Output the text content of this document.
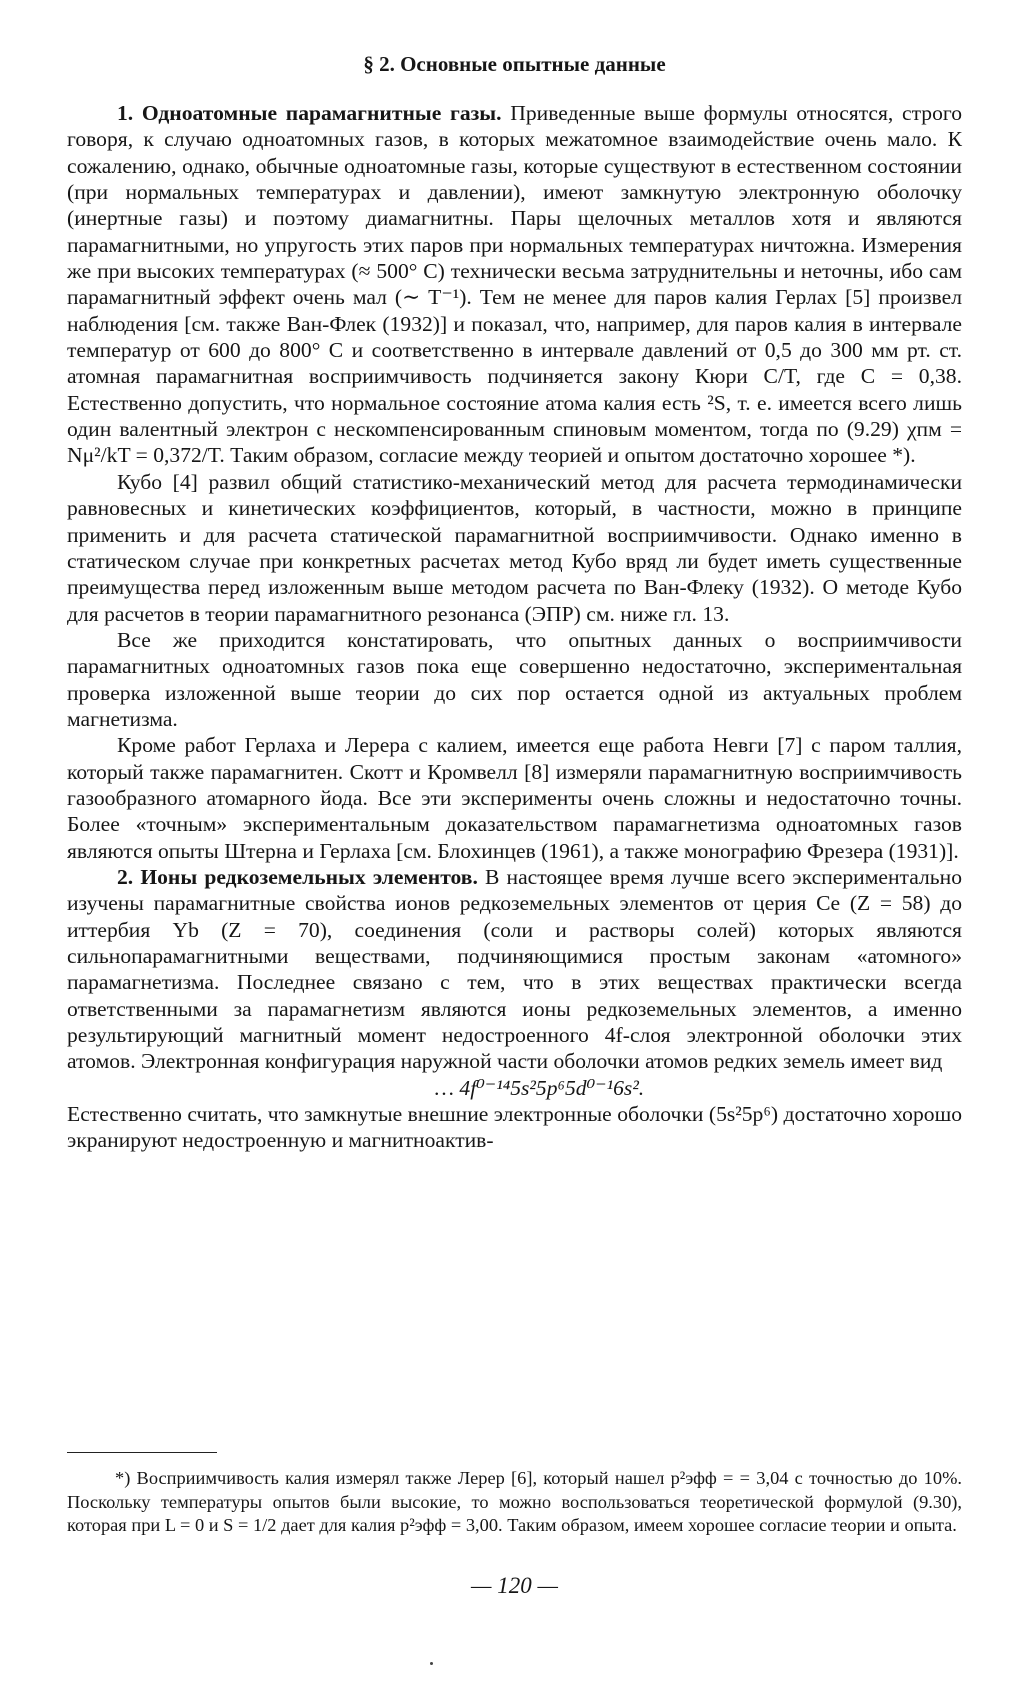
§ 2. Основные опытные данные

1. Одноатомные парамагнитные газы. Приведенные выше формулы относятся, строго говоря, к случаю одноатомных газов, в которых межатомное взаимодействие очень мало. К сожалению, однако, обычные одноатомные газы, которые существуют в естественном состоянии (при нормальных температурах и давлении), имеют замкнутую электронную оболочку (инертные газы) и поэтому диамагнитны. Пары щелочных металлов хотя и являются парамагнитными, но упругость этих паров при нормальных температурах ничтожна. Измерения же при высоких температурах (≈ 500° C) технически весьма затруднительны и неточны, ибо сам парамагнитный эффект очень мал (∼ T⁻¹). Тем не менее для паров калия Герлах [5] произвел наблюдения [см. также Ван-Флек (1932)] и показал, что, например, для паров калия в интервале температур от 600 до 800° C и соответственно в интервале давлений от 0,5 до 300 мм рт. ст. атомная парамагнитная восприимчивость подчиняется закону Кюри C/T, где C = 0,38. Естественно допустить, что нормальное состояние атома калия есть ²S, т. е. имеется всего лишь один валентный электрон с нескомпенсированным спиновым моментом, тогда по (9.29) χпм = Nμ²/kT = 0,372/T. Таким образом, согласие между теорией и опытом достаточно хорошее *).

Кубо [4] развил общий статистико-механический метод для расчета термодинамически равновесных и кинетических коэффициентов, который, в частности, можно в принципе применить и для расчета статической парамагнитной восприимчивости. Однако именно в статическом случае при конкретных расчетах метод Кубо вряд ли будет иметь существенные преимущества перед изложенным выше методом расчета по Ван-Флеку (1932). О методе Кубо для расчетов в теории парамагнитного резонанса (ЭПР) см. ниже гл. 13.

Все же приходится констатировать, что опытных данных о восприимчивости парамагнитных одноатомных газов пока еще совершенно недостаточно, экспериментальная проверка изложенной выше теории до сих пор остается одной из актуальных проблем магнетизма.

Кроме работ Герлаха и Лерера с калием, имеется еще работа Невги [7] с паром таллия, который также парамагнитен. Скотт и Кромвелл [8] измеряли парамагнитную восприимчивость газообразного атомарного йода. Все эти эксперименты очень сложны и недостаточно точны. Более «точным» экспериментальным доказательством парамагнетизма одноатомных газов являются опыты Штерна и Герлаха [см. Блохинцев (1961), а также монографию Фрезера (1931)].

2. Ионы редкоземельных элементов. В настоящее время лучше всего экспериментально изучены парамагнитные свойства ионов редкоземельных элементов от церия Ce (Z = 58) до иттербия Yb (Z = 70), соединения (соли и растворы солей) которых являются сильнопарамагнитными веществами, подчиняющимися простым законам «атомного» парамагнетизма. Последнее связано с тем, что в этих веществах практически всегда ответственными за парамагнетизм являются ионы редкоземельных элементов, а именно результирующий магнитный момент недостроенного 4f-слоя электронной оболочки этих атомов. Электронная конфигурация наружной части оболочки атомов редких земель имеет вид

… 4f⁰⁻¹⁴5s²5p⁶5d⁰⁻¹6s².

Естественно считать, что замкнутые внешние электронные оболочки (5s²5p⁶) достаточно хорошо экранируют недостроенную и магнитноактив-

*) Восприимчивость калия измерял также Лерер [6], который нашел p²эфф = = 3,04 с точностью до 10%. Поскольку температуры опытов были высокие, то можно воспользоваться теоретической формулой (9.30), которая при L = 0 и S = 1/2 дает для калия p²эфф = 3,00. Таким образом, имеем хорошее согласие теории и опыта.

— 120 —
